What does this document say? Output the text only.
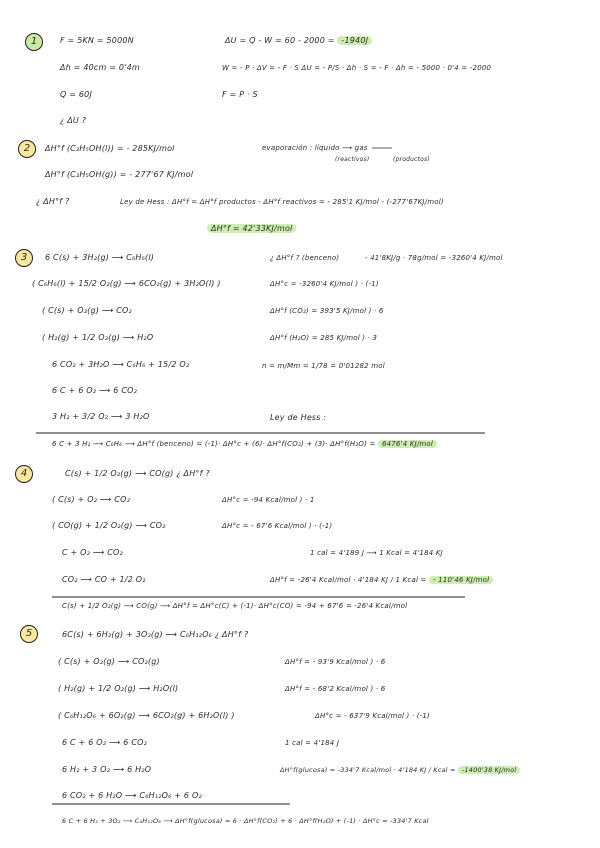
1	F = 5KN = 5000N	ΔU = Q - W = 60 - 2000 = -1940J
Δh = 40cm = 0'4m	W = - P · ΔV = - F · S ΔU = - P/S · Δh · S = - F · Δh = - 5000 · 0'4 = -2000
Q = 60J	F = P · S
¿ ΔU ?
2	ΔH°f (C₂H₅OH(l)) = - 285KJ/mol	evaporación : líquido ⟶ gas
(reactivos)	(productos)
ΔH°f (C₂H₅OH(g)) = - 277'67 KJ/mol
¿ ΔH°f ?	Ley de Hess : ΔH°f = ΔH°f productos - ΔH°f reactivos = - 285'1 KJ/mol - (-277'67KJ/mol)
ΔH°f = 42'33KJ/mol
3	6 C(s) + 3H₂(g) ⟶ C₆H₆(l)	¿ ΔH°f ? (benceno)	- 41'8KJ/g · 78g/mol = -3260'4 KJ/mol
( C₆H₆(l) + 15/2 O₂(g) ⟶ 6CO₂(g) + 3H₂O(l) )	ΔH°c = -3260'4 KJ/mol ) · (-1)
( C(s) + O₂(g) ⟶ CO₂	ΔH°f (CO₂) = 393'5 KJ/mol ) · 6
( H₂(g) + 1/2 O₂(g) ⟶ H₂O	ΔH°f (H₂O) = 285 KJ/mol ) · 3
6 CO₂ + 3H₂O ⟶ C₆H₆ + 15/2 O₂	n = m/Mm = 1/78 = 0'01282 mol
6 C + 6 O₂ ⟶ 6 CO₂
3 H₂ + 3/2 O₂ ⟶ 3 H₂O	Ley de Hess :
6 C + 3 H₂ ⟶ C₆H₆ ⟶ ΔH°f (benceno) = (-1)· ΔH°c + (6)· ΔH°f(CO₂) + (3)· ΔH°f(H₂O) = 6476'4 KJ/mol
4	C(s) + 1/2 O₂(g) ⟶ CO(g) ¿ ΔH°f ?
( C(s) + O₂ ⟶ CO₂	ΔH°c = -94 Kcal/mol ) · 1
( CO(g) + 1/2 O₂(g) ⟶ CO₂	ΔH°c = - 67'6 Kcal/mol ) · (-1)
C + O₂ ⟶ CO₂	1 cal = 4'189 J ⟶ 1 Kcal = 4'184 KJ
CO₂ ⟶ CO + 1/2 O₂	ΔH°f = -26'4 Kcal/mol · 4'184 KJ / 1 Kcal = - 110'46 KJ/mol
C(s) + 1/2 O₂(g) ⟶ CO(g) ⟶ ΔH°f = ΔH°c(C) + (-1)· ΔH°c(CO) = -94 + 67'6 = -26'4 Kcal/mol
5	6C(s) + 6H₂(g) + 3O₂(g) ⟶ C₆H₁₂O₆ ¿ ΔH°f ?
( C(s) + O₂(g) ⟶ CO₂(g)	ΔH°f = - 93'9 Kcal/mol ) · 6
( H₂(g) + 1/2 O₂(g) ⟶ H₂O(l)	ΔH°f = - 68'2 Kcal/mol ) · 6
( C₆H₁₂O₆ + 6O₂(g) ⟶ 6CO₂(g) + 6H₂O(l) )	ΔH°c = - 637'9 Kcal/mol ) · (-1)
6 C + 6 O₂ ⟶ 6 CO₂	1 cal = 4'184 J
6 H₂ + 3 O₂ ⟶ 6 H₂O	ΔH°f(glucosa) = -334'7 Kcal/mol · 4'184 KJ / Kcal = -1400'38 KJ/mol
6 CO₂ + 6 H₂O ⟶ C₆H₁₂O₆ + 6 O₂
6 C + 6 H₂ + 3O₂ ⟶ C₆H₁₂O₆ ⟶ ΔH°f(glucosa) = 6 · ΔH°f(CO₂) + 6 · ΔH°f(H₂O) + (-1) · ΔH°c = -334'7 Kcal
